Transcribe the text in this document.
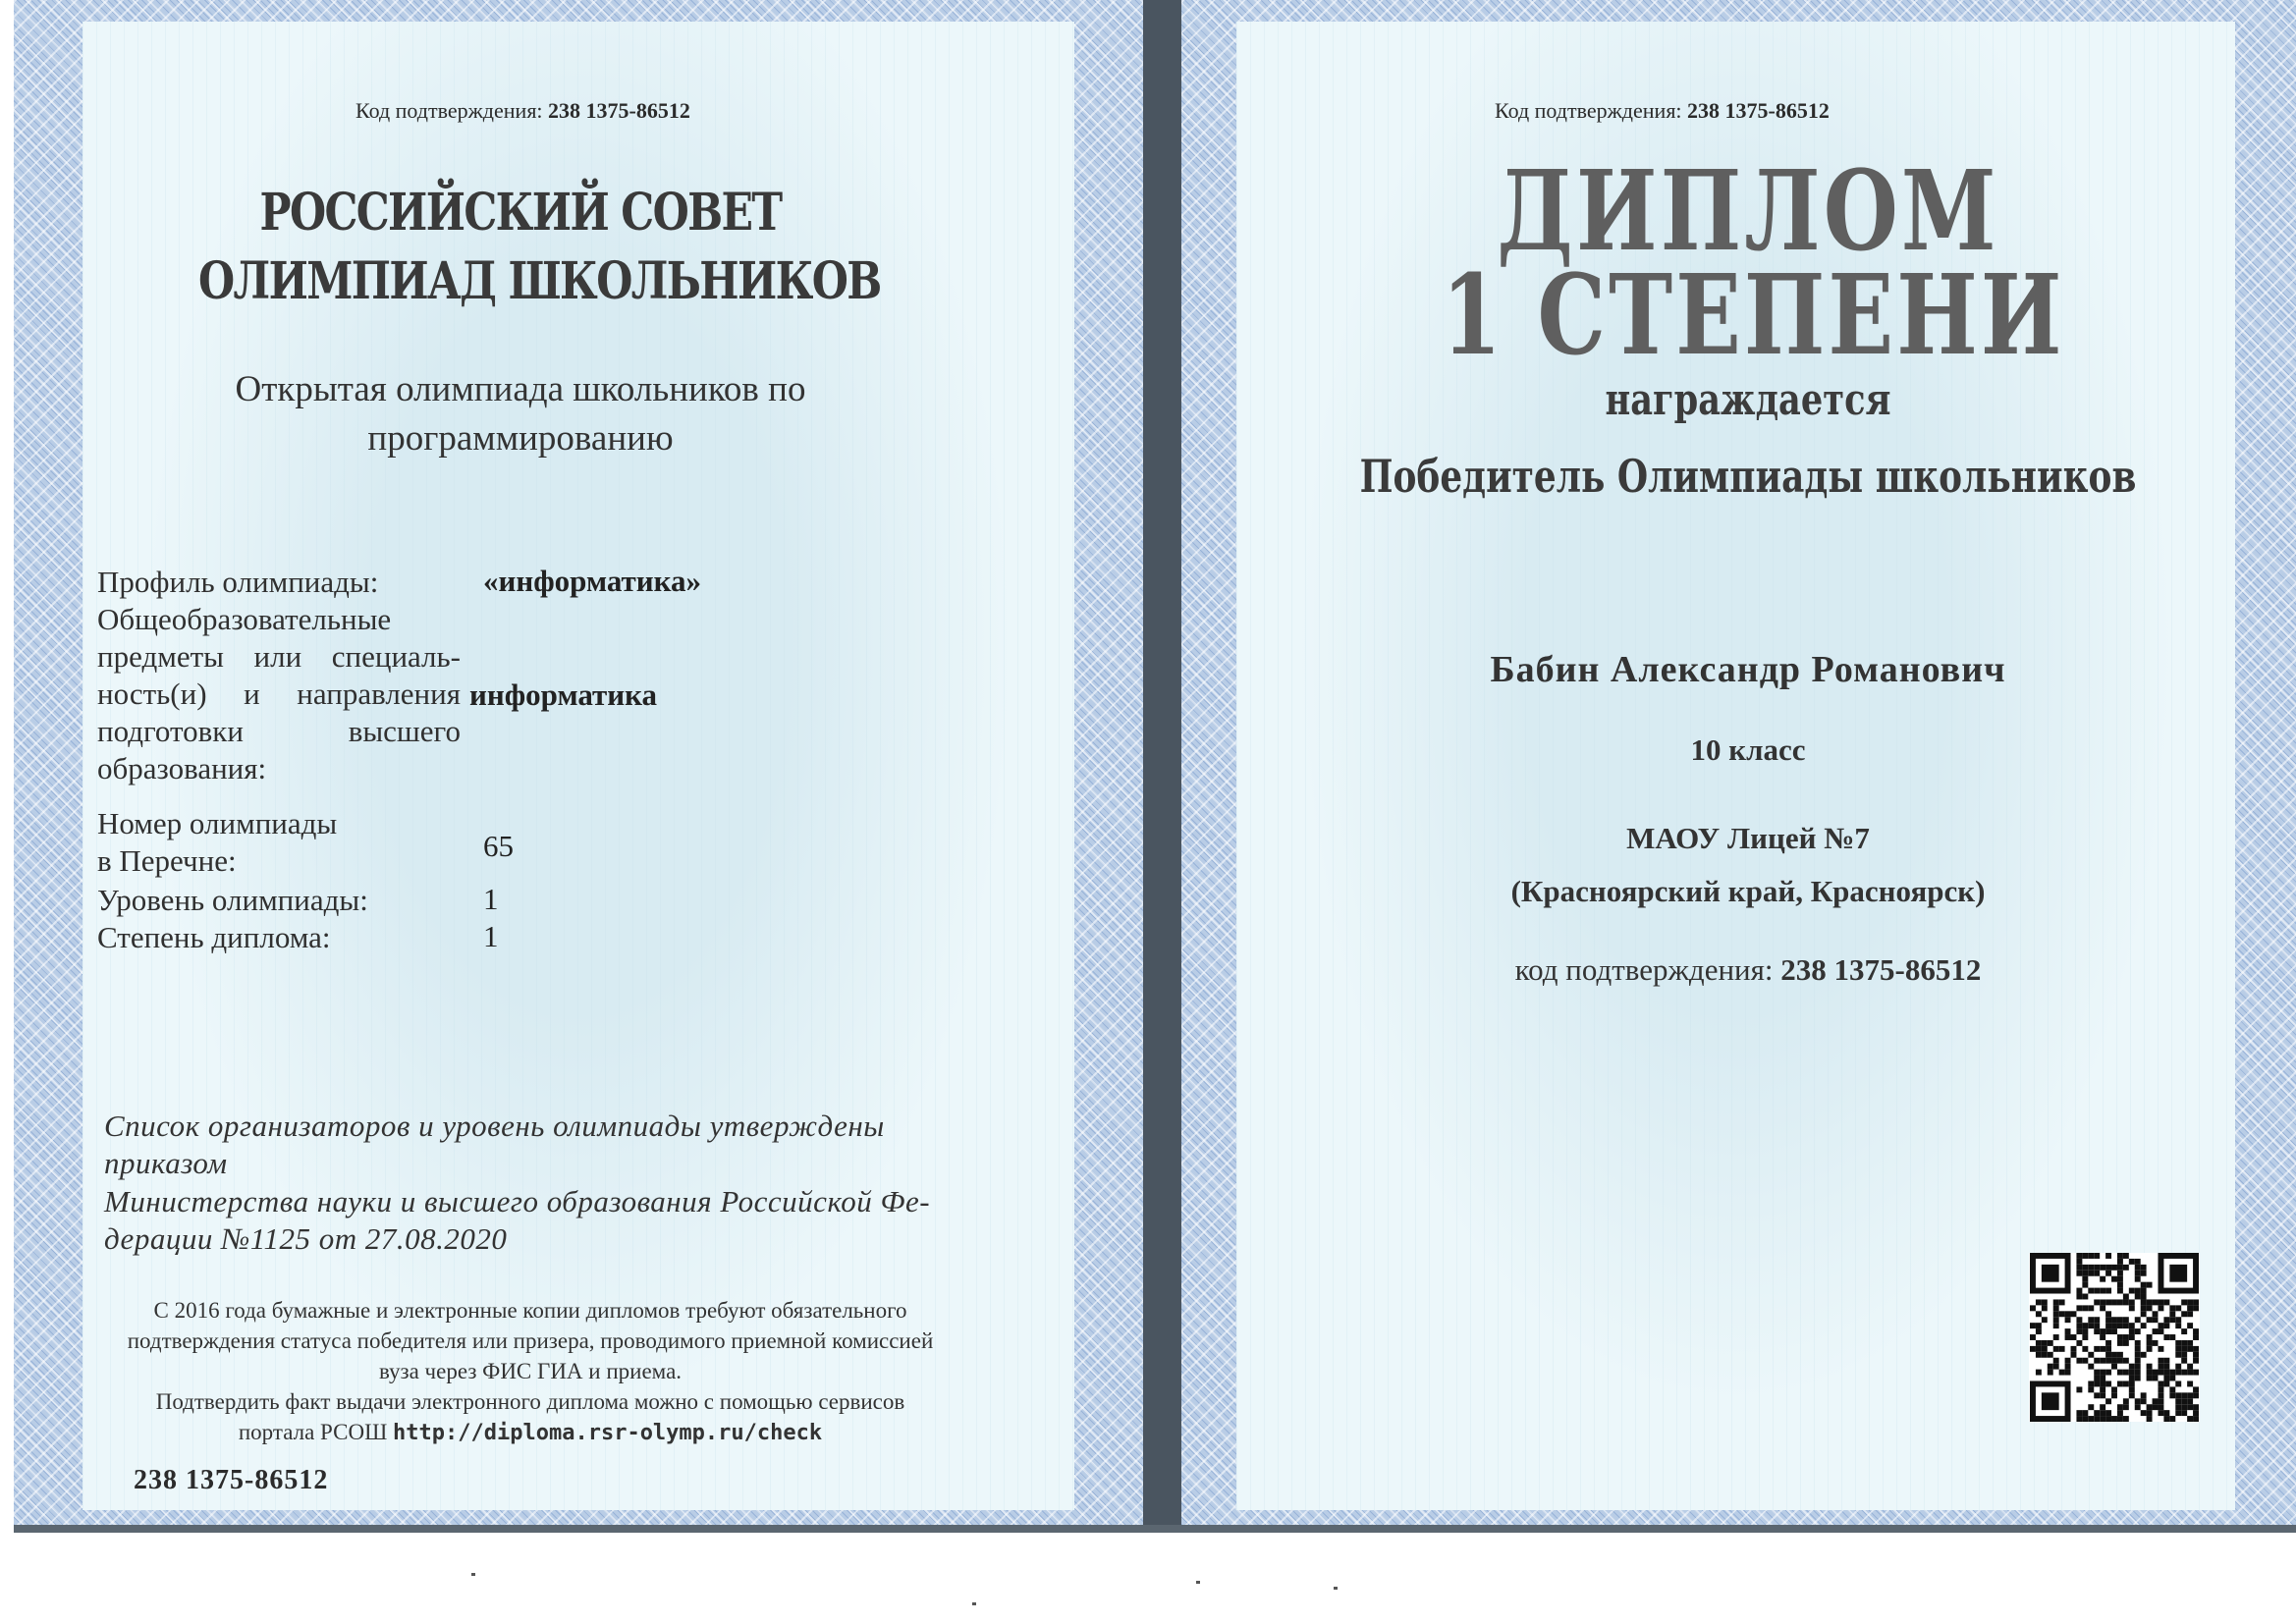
Код подтверждения: 238 1375-86512
РОССИЙСКИЙ СОВЕТ
ОЛИМПИАД ШКОЛЬНИКОВ
Открытая олимпиада школьников по
программированию
Профиль олимпиады:	«информатика»
Общеобразовательные предметы или специаль-ность(и) и направления подготовки высшего образования:
информатика
Номер олимпиады
в Перечне:	65
Уровень олимпиады:	1
Степень диплома:	1
Список организаторов и уровень олимпиады утверждены
приказом
Министерства науки и высшего образования Российской Фе-
дерации №1125 от 27.08.2020
С 2016 года бумажные и электронные копии дипломов требуют обязательного
подтверждения статуса победителя или призера, проводимого приемной комиссией
вуза через ФИС ГИА и приема.
Подтвердить факт выдачи электронного диплома можно с помощью сервисов
портала РСОШ http://diploma.rsr-olymp.ru/check
238 1375-86512
Код подтверждения: 238 1375-86512
ДИПЛОМ
1 СТЕПЕНИ
награждается
Победитель Олимпиады школьников
Бабин Александр Романович
10 класс
МАОУ Лицей №7
(Красноярский край, Красноярск)
код подтверждения: 238 1375-86512
